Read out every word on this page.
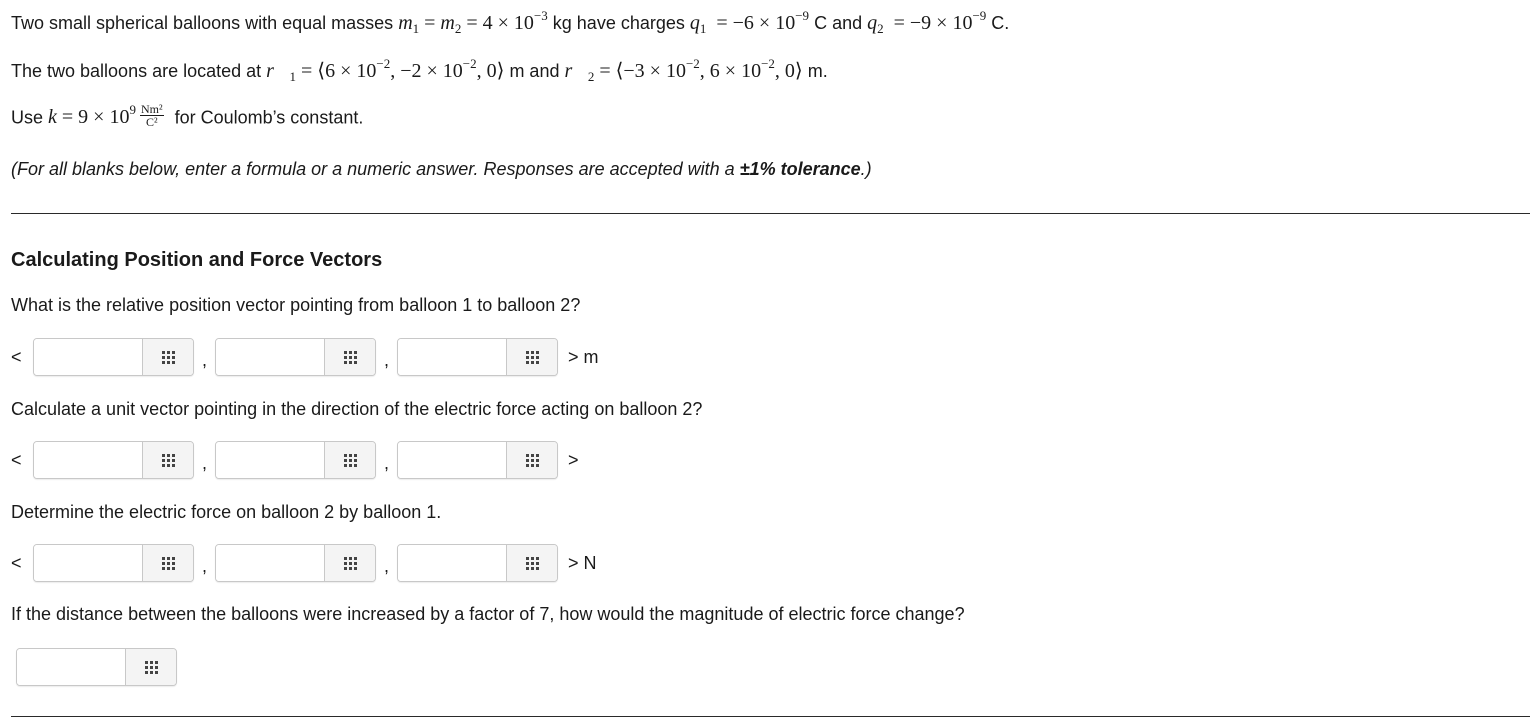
Two small spherical balloons with equal masses $m_1 = m_2 = 4 \times 10^{-3}$ kg have charges $q_1 = -6 \times 10^{-9}$ C and $q_2 = -9 \times 10^{-9}$ C.
The two balloons are located at $r⃗_1$ = ⟨6 × $10^{-2}$, $-2 \times 10^{-2}$, 0⟩ m and $r⃗_2$ = ⟨−3 × $10^{-2}$, $6 \times 10^{-2}$, 0⟩ m.
Use $k = 9 \times 10^9 \frac{\text{Nm²}}{\text{C²}}$ for Coulomb’s constant.
(For all blanks below, enter a formula or a numeric answer. Responses are accepted with a ±1% tolerance.)
Calculating Position and Force Vectors
What is the relative position vector pointing from balloon 1 to balloon 2?
<	,	,	> m
Calculate a unit vector pointing in the direction of the electric force acting on balloon 2?
<	,	,	>
Determine the electric force on balloon 2 by balloon 1.
<	,	,	> N
If the distance between the balloons were increased by a factor of 7, how would the magnitude of electric force change?
